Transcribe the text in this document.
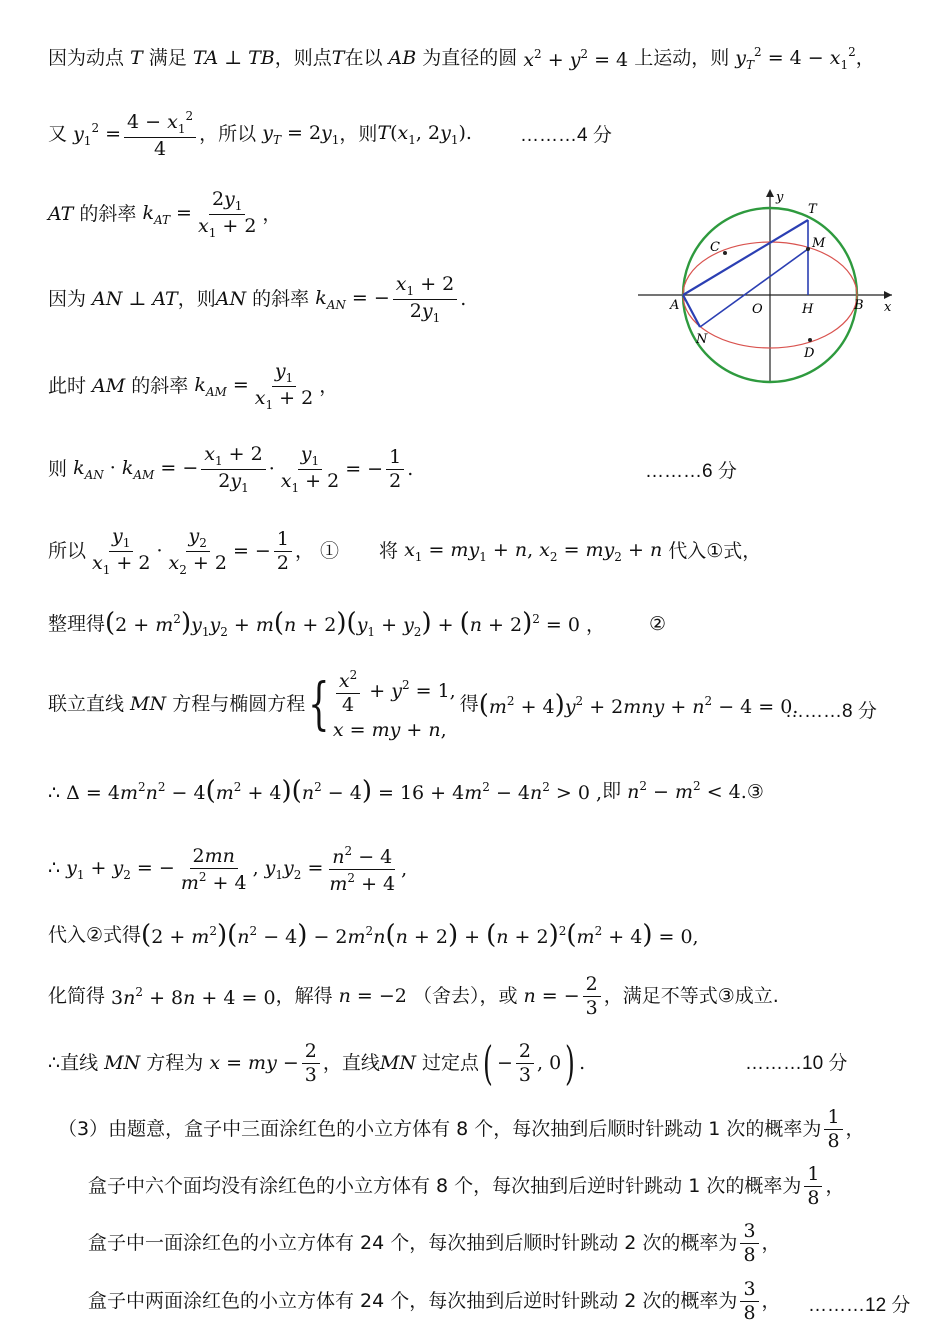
因为动点 T 满足 TA ⊥ TB ，则点 T 在以 AB 为直径的圆 $x^2 + y^2 = 4$ 上运动，则 $y_T^2 = 4 - x_1^2$，
又 $y_1^2 = \frac{4 - x_1^2}{4}$ ，所以 $y_T = 2y_1$ ，则 $T(x_1$, $2y_1$).	………4 分
AT 的斜率 $k_{AT} = \frac{2y_1}{x_1 + 2}$ ，
因为 AN ⊥ AT ，则 AN 的斜率 $k_{AN}$ = − $\frac{x_1 + 2}{2y_1}$ .
此时 AM 的斜率 $k_{AM} = \frac{y_1}{x_1 + 2}$ ，
则 $k_{AN} \cdot k_{AM}$ = − $\frac{x_1 + 2}{2y_1} \cdot \frac{y_1}{x_1 + 2}$ = − $\frac{1}{2}$ .	………6 分
所以 $\frac{y_1}{x_1 + 2} \cdot \frac{y_2}{x_2 + 2}$ = − $\frac{1}{2}$ ， ① 将 $x_1 = my_1 + n$, $x_2 = my_2 + n$ 代入①式，
整理得 $(2 + m^2)y_1y_2 + m(n + 2)(y_1 + y_2) + (n + 2)^2 = 0$ ， ②
联立直线 MN 方程与椭圆方程 { $\frac{x^2}{4} + y^2 = 1$,
x = my + n,
得 $(m^2 + 4)y^2 + 2mny + n^2 - 4 = 0$.
………8 分
∴ $\Delta = 4m^2n^2 - 4(m^2 + 4)(n^2 - 4) = 16 + 4m^2 - 4n^2 > 0$ , 即 $n^2 - m^2$ < 4.③
∴ $y_1 + y_2$ = − $\frac{2mn}{m^2 + 4}$ , $y_1y_2 = \frac{n^2 - 4}{m^2 + 4}$ ,
代入②式得 $(2 + m^2)(n^2 - 4) - 2m^2n(n + 2) + (n + 2)^2(m^2 + 4) = 0$,
化简得 $3n^2 + 8n + 4 = 0$ ，解得 n = −2 （舍去），或 n = − $\frac{2}{3}$ ，满足不等式③成立.
∴直线 MN 方程为 x = my − $\frac{2}{3}$ ，直线 MN 过定点 ( − $\frac{2}{3}$ , 0 ) .	………10 分
（3）由题意，盒子中三面涂红色的小立方体有 8 个，每次抽到后顺时针跳动 1 次的概率为 $\frac{1}{8}$ ，
盒子中六个面均没有涂红色的小立方体有 8 个，每次抽到后逆时针跳动 1 次的概率为 $\frac{1}{8}$ ，
盒子中一面涂红色的小立方体有 24 个，每次抽到后顺时针跳动 2 次的概率为 $\frac{3}{8}$ ，
盒子中两面涂红色的小立方体有 24 个，每次抽到后逆时针跳动 2 次的概率为 $\frac{3}{8}$ ， ………12 分
y
x
T
M
C
A	O	H	B
N
D
